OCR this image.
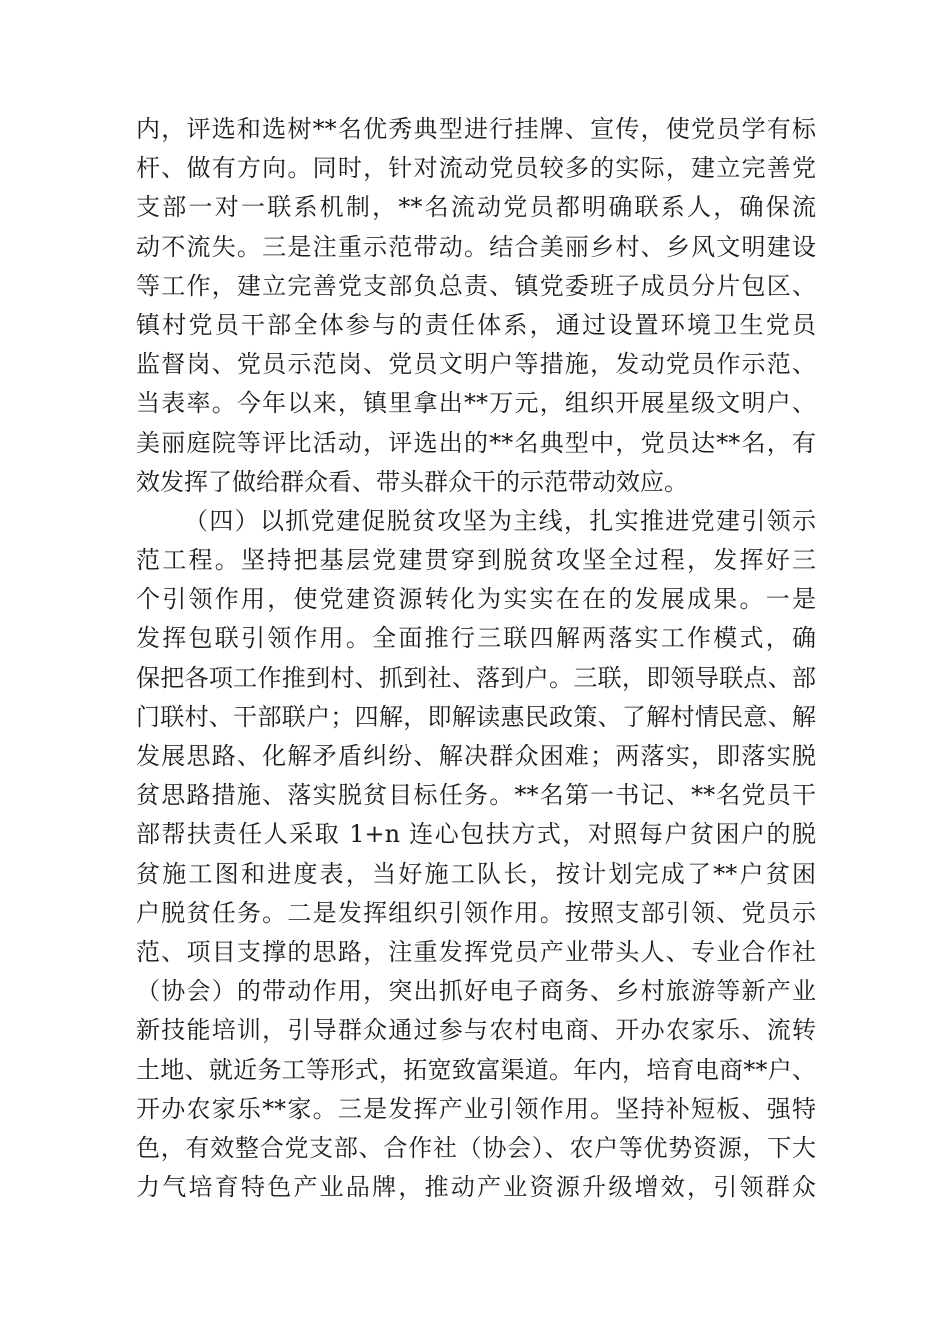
内，评选和选树**名优秀典型进行挂牌、宣传，使党员学有标
杆、做有方向。同时，针对流动党员较多的实际，建立完善党
支部一对一联系机制，**名流动党员都明确联系人，确保流
动不流失。三是注重示范带动。结合美丽乡村、乡风文明建设
等工作，建立完善党支部负总责、镇党委班子成员分片包区、
镇村党员干部全体参与的责任体系，通过设置环境卫生党员
监督岗、党员示范岗、党员文明户等措施，发动党员作示范、
当表率。今年以来，镇里拿出**万元，组织开展星级文明户、
美丽庭院等评比活动，评选出的**名典型中，党员达**名，有
效发挥了做给群众看、带头群众干的示范带动效应。
（四）以抓党建促脱贫攻坚为主线，扎实推进党建引领示
范工程。坚持把基层党建贯穿到脱贫攻坚全过程，发挥好三
个引领作用，使党建资源转化为实实在在的发展成果。一是
发挥包联引领作用。全面推行三联四解两落实工作模式，确
保把各项工作推到村、抓到社、落到户。三联，即领导联点、部
门联村、干部联户；四解，即解读惠民政策、了解村情民意、解
发展思路、化解矛盾纠纷、解决群众困难；两落实，即落实脱
贫思路措施、落实脱贫目标任务。**名第一书记、**名党员干
部帮扶责任人采取 1+n 连心包扶方式，对照每户贫困户的脱
贫施工图和进度表，当好施工队长，按计划完成了**户贫困
户脱贫任务。二是发挥组织引领作用。按照支部引领、党员示
范、项目支撑的思路，注重发挥党员产业带头人、专业合作社
（协会）的带动作用，突出抓好电子商务、乡村旅游等新产业
新技能培训，引导群众通过参与农村电商、开办农家乐、流转
土地、就近务工等形式，拓宽致富渠道。年内，培育电商**户、
开办农家乐**家。三是发挥产业引领作用。坚持补短板、强特
色，有效整合党支部、合作社（协会）、农户等优势资源，下大
力气培育特色产业品牌，推动产业资源升级增效，引领群众
